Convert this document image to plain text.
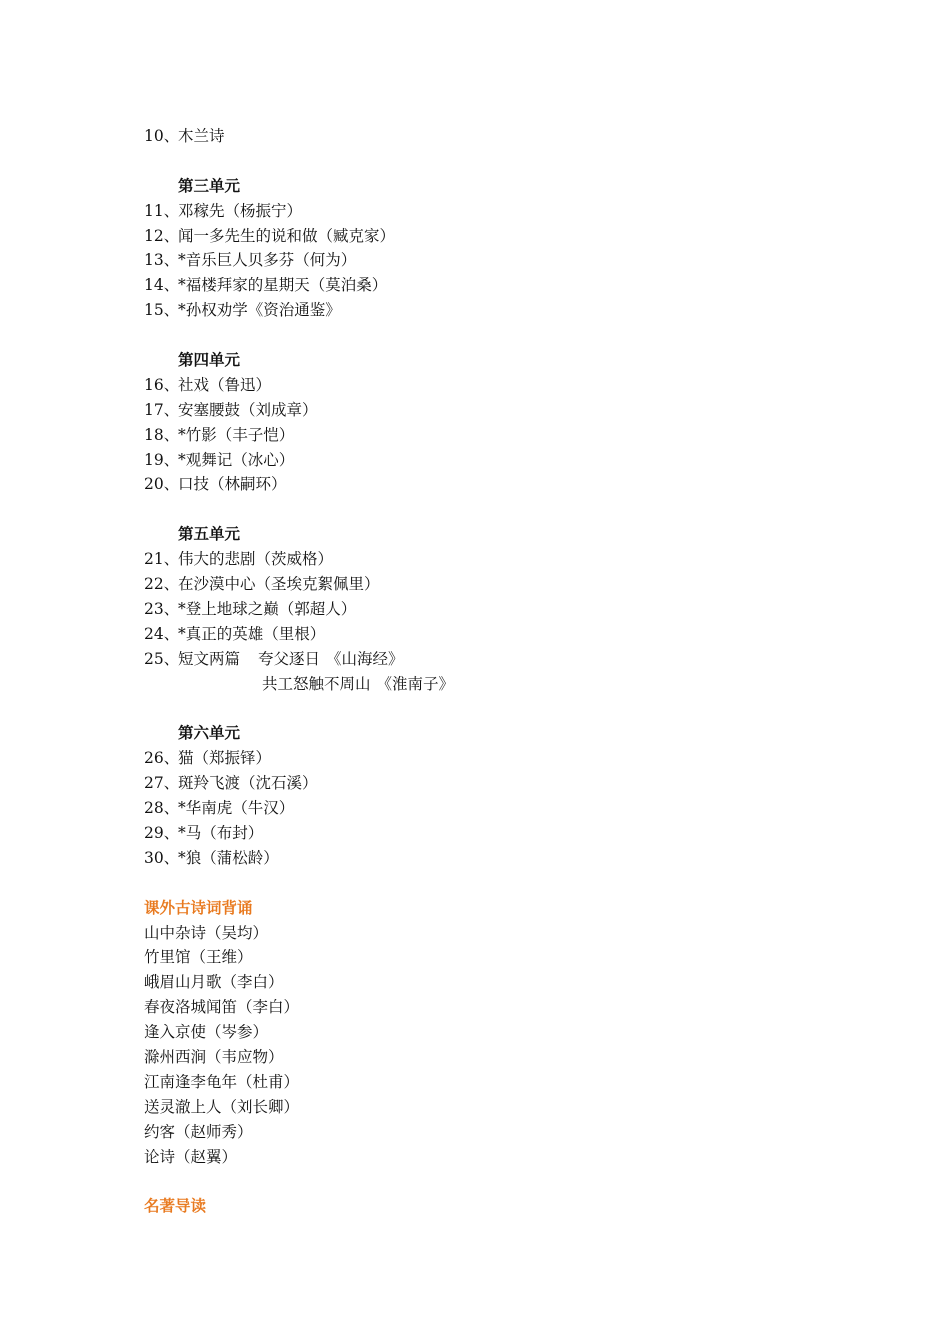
10、木兰诗
第三单元
11、邓稼先（杨振宁）
12、闻一多先生的说和做（臧克家）
13、*音乐巨人贝多芬（何为）
14、*福楼拜家的星期天（莫泊桑）
15、*孙权劝学《资治通鉴》
第四单元
16、社戏（鲁迅）
17、安塞腰鼓（刘成章）
18、*竹影（丰子恺）
19、*观舞记（冰心）
20、口技（林嗣环）
第五单元
21、伟大的悲剧（茨威格）
22、在沙漠中心（圣埃克絮佩里）
23、*登上地球之巅（郭超人）
24、*真正的英雄（里根）
25、短文两篇 夸父逐日 《山海经》
共工怒触不周山 《淮南子》
第六单元
26、猫（郑振铎）
27、斑羚飞渡（沈石溪）
28、*华南虎（牛汉）
29、*马（布封）
30、*狼（蒲松龄）
课外古诗词背诵
山中杂诗（吴均）
竹里馆（王维）
峨眉山月歌（李白）
春夜洛城闻笛（李白）
逢入京使（岑参）
滁州西涧（韦应物）
江南逢李龟年（杜甫）
送灵澈上人（刘长卿）
约客（赵师秀）
论诗（赵翼）
名著导读
